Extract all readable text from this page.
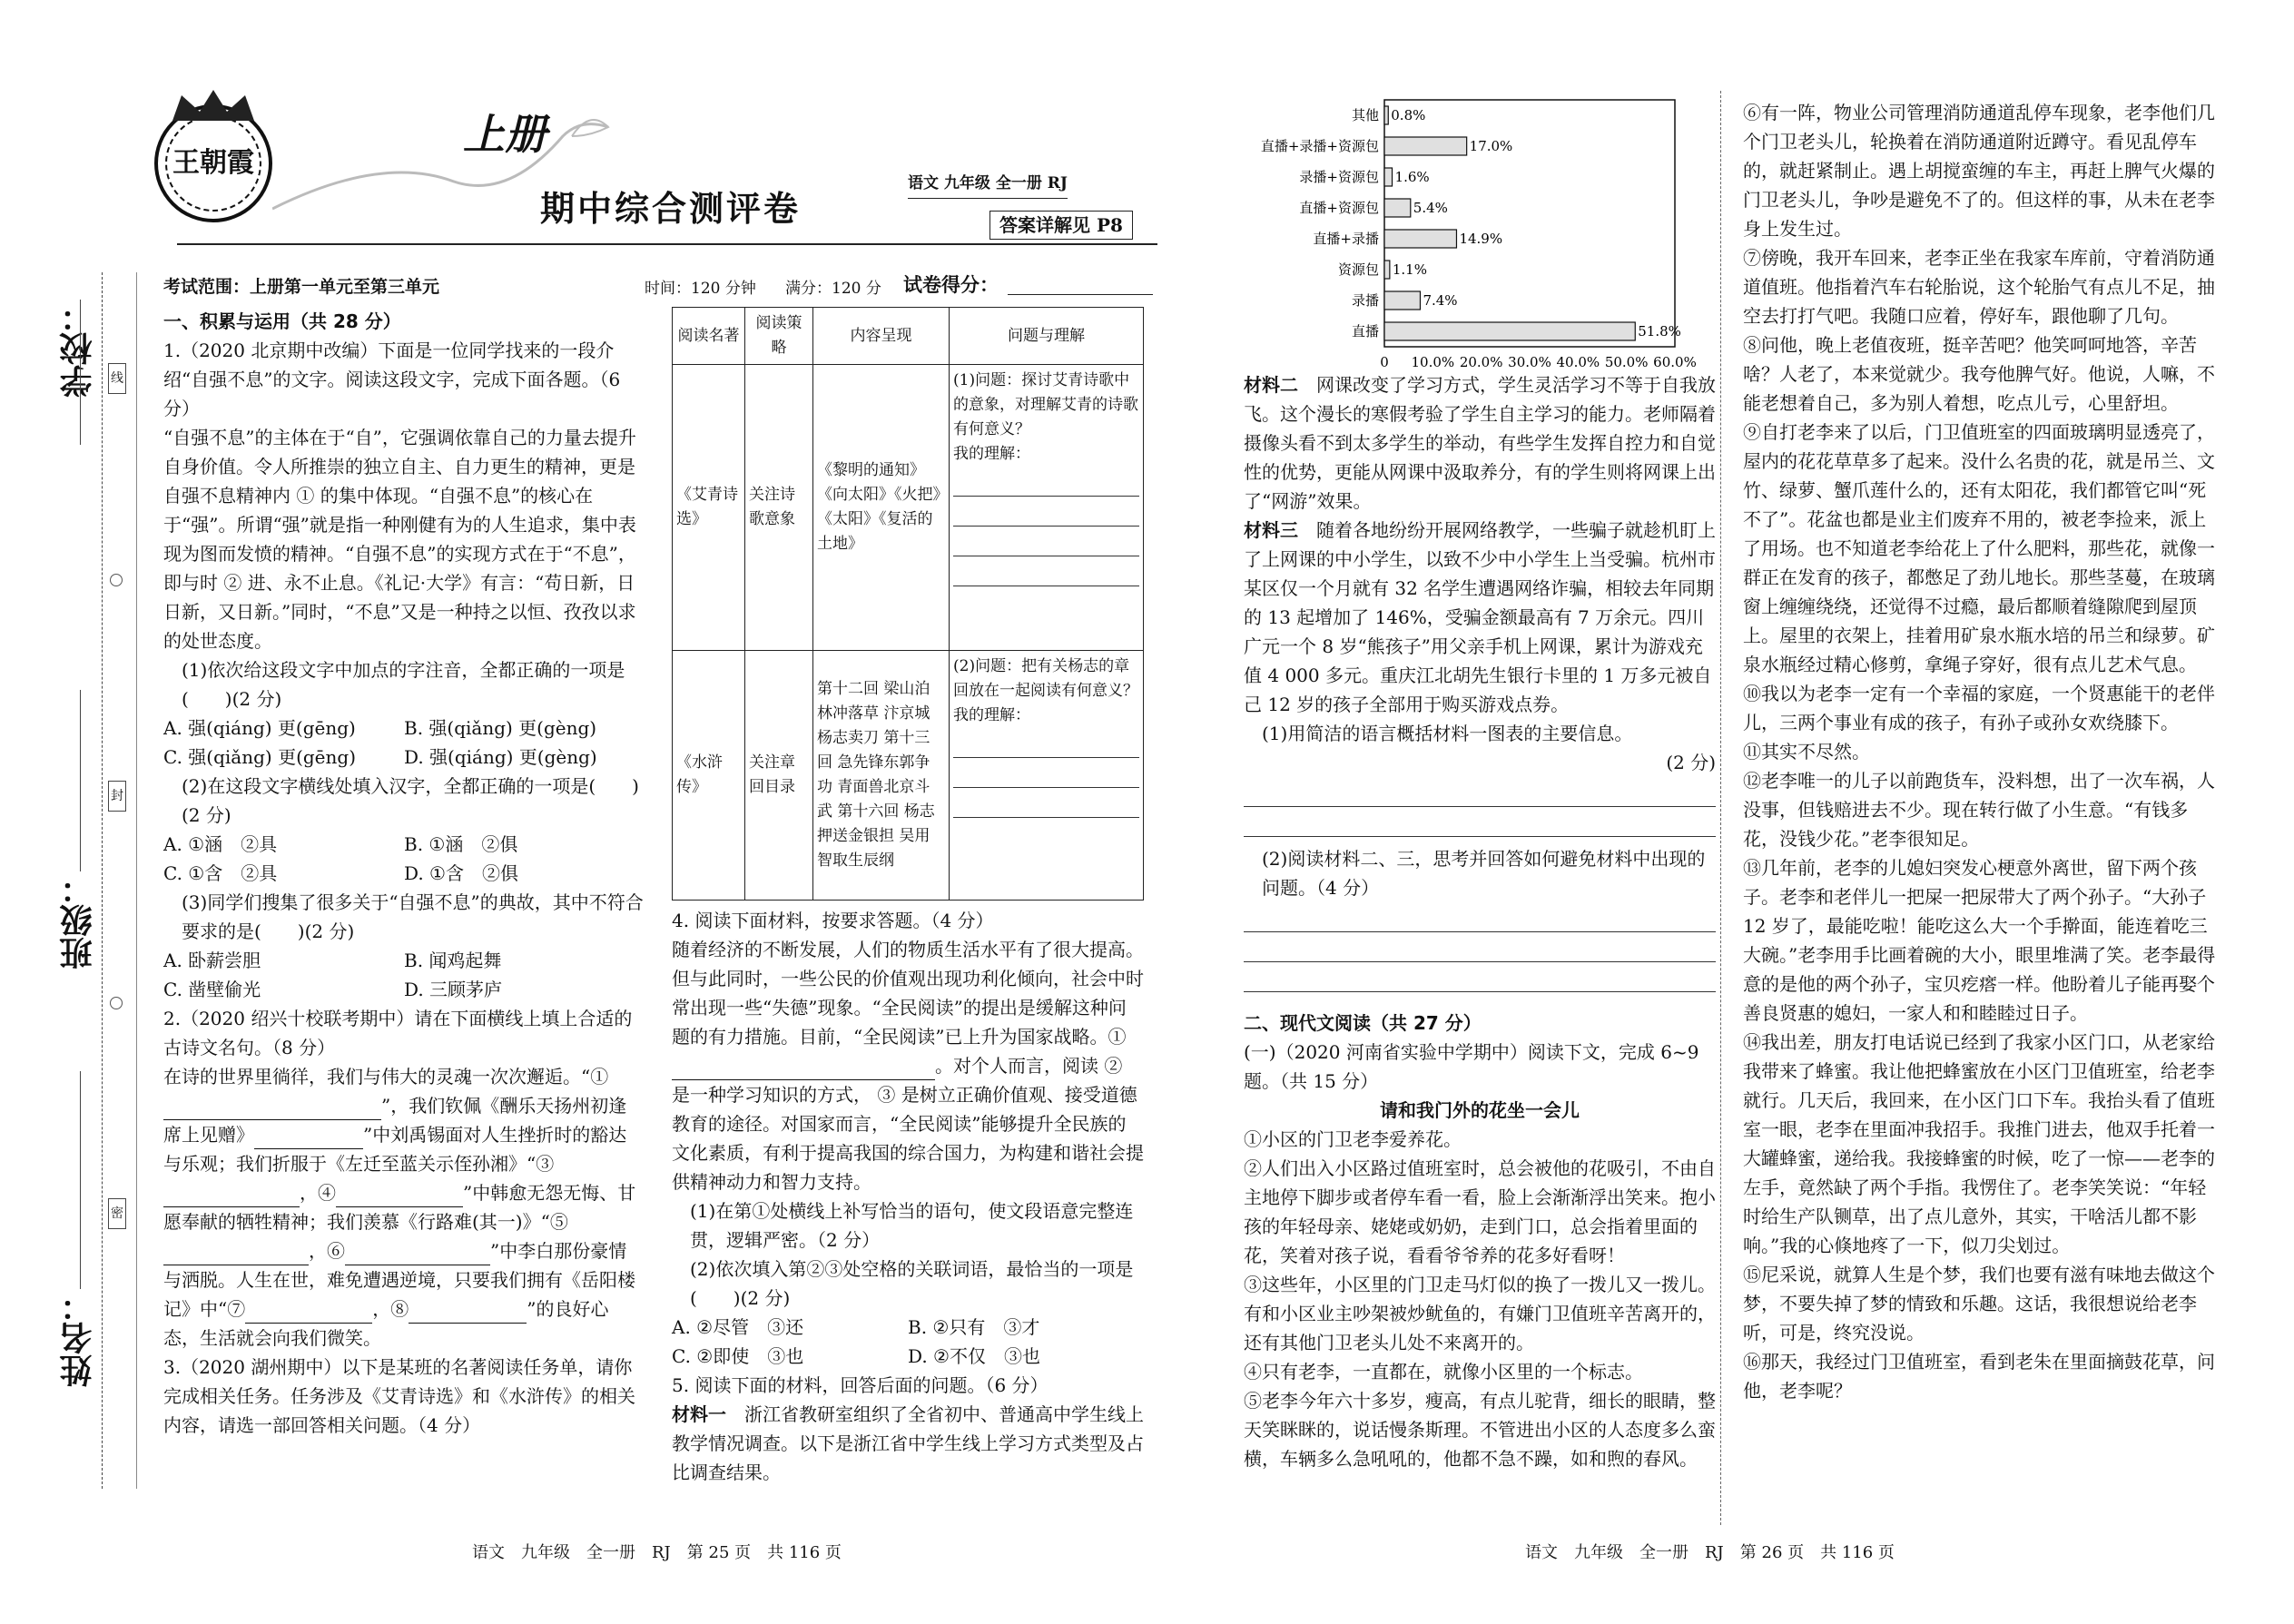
学校：
班级：
姓名：
线
封
密
王朝霞
上册
期中综合测评卷
语文 九年级 全一册 RJ
答案详解见 P8
考试范围：上册第一单元至第三单元	时间：120 分钟 满分：120 分 试卷得分：

一、积累与运用（共 28 分）

1.（2020 北京期中改编）下面是一位同学找来的一段介绍“自强不息”的文字。阅读这段文字，完成下面各题。（6 分）

“自强不息”的主体在于“自”，它强调依靠自己的力量去提升自身价值。令人所推崇的独立自主、自力更生的精神，更是自强不息精神内 ① 的集中体现。“自强不息”的核心在于“强”。所谓“强”就是指一种刚健有为的人生追求，集中表现为图而发愤的精神。“自强不息”的实现方式在于“不息”，即与时 ② 进、永不止息。《礼记·大学》有言：“苟日新，日日新，又日新。”同时，“不息”又是一种持之以恒、孜孜以求的处世态度。

(1)依次给这段文字中加点的字注音，全都正确的一项是(　　)(2 分)

A. 强(qiáng) 更(gēng)	B. 强(qiǎng) 更(gèng)
C. 强(qiǎng) 更(gēng)	D. 强(qiáng) 更(gèng)

(2)在这段文字横线处填入汉字，全都正确的一项是(　　)(2 分)

A. ①涵　②具	B. ①涵　②俱
C. ①含　②具	D. ①含　②俱

(3)同学们搜集了很多关于“自强不息”的典故，其中不符合要求的是(　　)(2 分)

A. 卧薪尝胆	B. 闻鸡起舞
C. 凿壁偷光	D. 三顾茅庐

2.（2020 绍兴十校联考期中）请在下面横线上填上合适的古诗文名句。（8 分）

在诗的世界里徜徉，我们与伟大的灵魂一次次邂逅。“①”，我们钦佩《酬乐天扬州初逢席上见赠》	”中刘禹锡面对人生挫折时的豁达与乐观；我们折服于《左迁至蓝关示侄孙湘》“③，④	”中韩愈无怨无悔、甘愿奉献的牺牲精神；我们羡慕《行路难(其一)》“⑤，⑥	”中李白那份豪情与洒脱。人生在世，难免遭遇逆境，只要我们拥有《岳阳楼记》中“⑦	，⑧	”的良好心态，生活就会向我们微笑。

3.（2020 湖州期中）以下是某班的名著阅读任务单，请你完成相关任务。任务涉及《艾青诗选》和《水浒传》的相关内容，请选一部回答相关问题。（4 分）

语文　九年级　全一册　RJ　第 25 页　共 116 页
阅读名著	阅读策略	内容呈现	问题与理解
《艾青诗选》	关注诗歌意象	《黎明的通知》《向太阳》《火把》《太阳》《复活的土地》	(1)问题：探讨艾青诗歌中的意象，对理解艾青的诗歌有何意义？
我的理解：

《水浒传》	关注章回目录	第十二回 梁山泊林冲落草 汴京城杨志卖刀 第十三回 急先锋东郭争功 青面兽北京斗武 第十六回 杨志押送金银担 吴用智取生辰纲	(2)问题：把有关杨志的章回放在一起阅读有何意义？
我的理解：

4. 阅读下面材料，按要求答题。（4 分）

随着经济的不断发展，人们的物质生活水平有了很大提高。但与此同时，一些公民的价值观出现功利化倾向，社会中时常出现一些“失德”现象。“全民阅读”的提出是缓解这种问题的有力措施。目前，“全民阅读”已上升为国家战略。①。对个人而言，阅读 ② 是一种学习知识的方式， ③ 是树立正确价值观、接受道德教育的途径。对国家而言，“全民阅读”能够提升全民族的文化素质，有利于提高我国的综合国力，为构建和谐社会提供精神动力和智力支持。

(1)在第①处横线上补写恰当的语句，使文段语意完整连贯，逻辑严密。（2 分）

(2)依次填入第②③处空格的关联词语，最恰当的一项是(　　)(2 分)

A. ②尽管　③还	B. ②只有　③才
C. ②即使　③也	D. ②不仅　③也

5. 阅读下面的材料，回答后面的问题。（6 分）

材料一　 浙江省教研室组织了全省初中、普通高中学生线上教学情况调查。以下是浙江省中学生线上学习方式类型及占比调查结果。

其他 0.8%
直播+录播+资源包	17.0%
录播+资源包 1.6%
直播+资源包	5.4%
直播+录播	14.9%
资源包 1.1%
录播	7.4%
直播	51.8%
0 10.0% 20.0% 30.0% 40.0% 50.0% 60.0%

材料二　 网课改变了学习方式，学生灵活学习不等于自我放飞。这个漫长的寒假考验了学生自主学习的能力。老师隔着摄像头看不到太多学生的举动，有些学生发挥自控力和自觉性的优势，更能从网课中汲取养分，有的学生则将网课上出了“网游”效果。

材料三　 随着各地纷纷开展网络教学，一些骗子就趁机盯上了上网课的中小学生，以致不少中小学生上当受骗。杭州市某区仅一个月就有 32 名学生遭遇网络诈骗，相较去年同期的 13 起增加了 146%，受骗金额最高有 7 万余元。四川广元一个 8 岁“熊孩子”用父亲手机上网课，累计为游戏充值 4 000 多元。重庆江北胡先生银行卡里的 1 万多元被自己 12 岁的孩子全部用于购买游戏点券。

(1)用简洁的语言概括材料一图表的主要信息。

(2 分)

(2)阅读材料二、三，思考并回答如何避免材料中出现的问题。（4 分）

二、现代文阅读（共 27 分）

(一)（2020 河南省实验中学期中）阅读下文，完成 6~9 题。（共 15 分）

请和我门外的花坐一会儿

①小区的门卫老李爱养花。

②人们出入小区路过值班室时，总会被他的花吸引，不由自主地停下脚步或者停车看一看，脸上会渐渐浮出笑来。抱小孩的年轻母亲、姥姥或奶奶，走到门口，总会指着里面的花，笑着对孩子说，看看爷爷养的花多好看呀！

③这些年，小区里的门卫走马灯似的换了一拨儿又一拨儿。有和小区业主吵架被炒鱿鱼的，有嫌门卫值班辛苦离开的，还有其他门卫老头儿处不来离开的。

④只有老李，一直都在，就像小区里的一个标志。

⑤老李今年六十多岁，瘦高，有点儿驼背，细长的眼睛，整天笑眯眯的，说话慢条斯理。不管进出小区的人态度多么蛮横，车辆多么急吼吼的，他都不急不躁，如和煦的春风。

语文　九年级　全一册　RJ　第 26 页　共 116 页

⑥有一阵，物业公司管理消防通道乱停车现象，老李他们几个门卫老头儿，轮换着在消防通道附近蹲守。看见乱停车的，就赶紧制止。遇上胡搅蛮缠的车主，再赶上脾气火爆的门卫老头儿，争吵是避免不了的。但这样的事，从未在老李身上发生过。

⑦傍晚，我开车回来，老李正坐在我家车库前，守着消防通道值班。他指着汽车右轮胎说，这个轮胎气有点儿不足，抽空去打打气吧。我随口应着，停好车，跟他聊了几句。

⑧问他，晚上老值夜班，挺辛苦吧？他笑呵呵地答，辛苦啥？人老了，本来觉就少。我夸他脾气好。他说，人嘛，不能老想着自己，多为别人着想，吃点儿亏，心里舒坦。

⑨自打老李来了以后，门卫值班室的四面玻璃明显透亮了，屋内的花花草草多了起来。没什么名贵的花，就是吊兰、文竹、绿萝、蟹爪莲什么的，还有太阳花，我们都管它叫“死不了”。花盆也都是业主们废弃不用的，被老李捡来，派上了用场。也不知道老李给花上了什么肥料，那些花，就像一群正在发育的孩子，都憋足了劲儿地长。那些茎蔓，在玻璃窗上缠缠绕绕，还觉得不过瘾，最后都顺着缝隙爬到屋顶上。屋里的衣架上，挂着用矿泉水瓶水培的吊兰和绿萝。矿泉水瓶经过精心修剪，拿绳子穿好，很有点儿艺术气息。

⑩我以为老李一定有一个幸福的家庭，一个贤惠能干的老伴儿，三两个事业有成的孩子，有孙子或孙女欢绕膝下。

⑪其实不尽然。

⑫老李唯一的儿子以前跑货车，没料想，出了一次车祸，人没事，但钱赔进去不少。现在转行做了小生意。“有钱多花，没钱少花。”老李很知足。

⑬几年前，老李的儿媳妇突发心梗意外离世，留下两个孩子。老李和老伴儿一把屎一把尿带大了两个孙子。“大孙子 12 岁了，最能吃啦！能吃这么大一个手擀面，能连着吃三大碗。”老李用手比画着碗的大小，眼里堆满了笑。老李最得意的是他的两个孙子，宝贝疙瘩一样。他盼着儿子能再娶个善良贤惠的媳妇，一家人和和睦睦过日子。

⑭我出差，朋友打电话说已经到了我家小区门口，从老家给我带来了蜂蜜。我让他把蜂蜜放在小区门卫值班室，给老李就行。几天后，我回来，在小区门口下车。我抬头看了值班室一眼，老李在里面冲我招手。我推门进去，他双手托着一大罐蜂蜜，递给我。我接蜂蜜的时候，吃了一惊——老李的左手，竟然缺了两个手指。我愣住了。老李笑笑说：“年轻时给生产队铡草，出了点儿意外，其实，干啥活儿都不影响。”我的心倏地疼了一下，似刀尖划过。

⑮尼采说，就算人生是个梦，我们也要有滋有味地去做这个梦，不要失掉了梦的情致和乐趣。这话，我很想说给老李听，可是，终究没说。

⑯那天，我经过门卫值班室，看到老朱在里面摘鼓花草，问他，老李呢？
